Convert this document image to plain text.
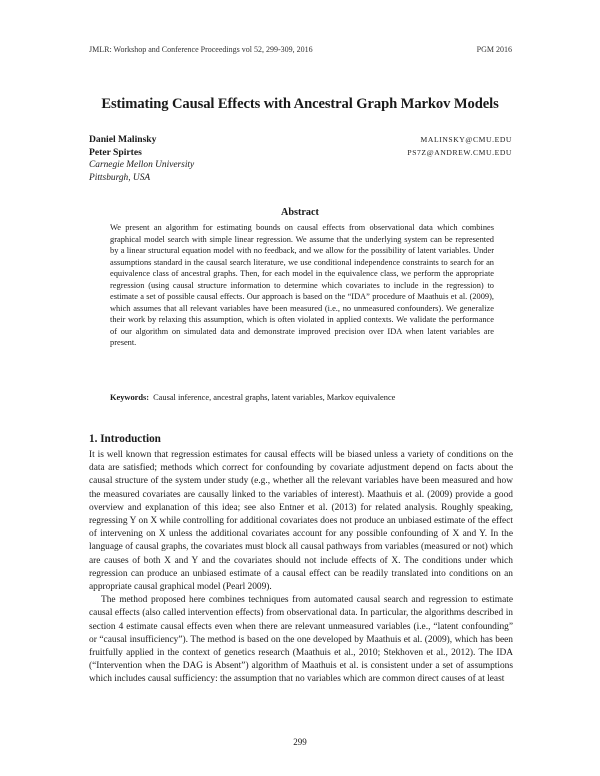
JMLR: Workshop and Conference Proceedings vol 52, 299-309, 2016	PGM 2016
Estimating Causal Effects with Ancestral Graph Markov Models
Daniel Malinsky	MALINSKY@CMU.EDU
Peter Spirtes	PS7Z@ANDREW.CMU.EDU
Carnegie Mellon University
Pittsburgh, USA
Abstract
We present an algorithm for estimating bounds on causal effects from observational data which combines graphical model search with simple linear regression. We assume that the underlying system can be represented by a linear structural equation model with no feedback, and we allow for the possibility of latent variables. Under assumptions standard in the causal search literature, we use conditional independence constraints to search for an equivalence class of ancestral graphs. Then, for each model in the equivalence class, we perform the appropriate regression (using causal structure information to determine which covariates to include in the regression) to estimate a set of possible causal effects. Our approach is based on the “IDA” procedure of Maathuis et al. (2009), which assumes that all relevant variables have been measured (i.e., no unmeasured confounders). We generalize their work by relaxing this assumption, which is often violated in applied contexts. We validate the performance of our algorithm on simulated data and demonstrate improved precision over IDA when latent variables are present.
Keywords: Causal inference, ancestral graphs, latent variables, Markov equivalence
1. Introduction

It is well known that regression estimates for causal effects will be biased unless a variety of conditions on the data are satisfied; methods which correct for confounding by covariate adjustment depend on facts about the causal structure of the system under study (e.g., whether all the relevant variables have been measured and how the measured covariates are causally linked to the variables of interest). Maathuis et al. (2009) provide a good overview and explanation of this idea; see also Entner et al. (2013) for related analysis. Roughly speaking, regressing Y on X while controlling for additional covariates does not produce an unbiased estimate of the effect of intervening on X unless the additional covariates account for any possible confounding of X and Y. In the language of causal graphs, the covariates must block all causal pathways from variables (measured or not) which are causes of both X and Y and the covariates should not include effects of X. The conditions under which regression can produce an unbiased estimate of a causal effect can be readily translated into conditions on an appropriate causal graphical model (Pearl 2009).

The method proposed here combines techniques from automated causal search and regression to estimate causal effects (also called intervention effects) from observational data. In particular, the algorithms described in section 4 estimate causal effects even when there are relevant unmeasured variables (i.e., “latent confounding” or “causal insufficiency”). The method is based on the one developed by Maathuis et al. (2009), which has been fruitfully applied in the context of genetics research (Maathuis et al., 2010; Stekhoven et al., 2012). The IDA (“Intervention when the DAG is Absent”) algorithm of Maathuis et al. is consistent under a set of assumptions which includes causal sufficiency: the assumption that no variables which are common direct causes of at least

299
